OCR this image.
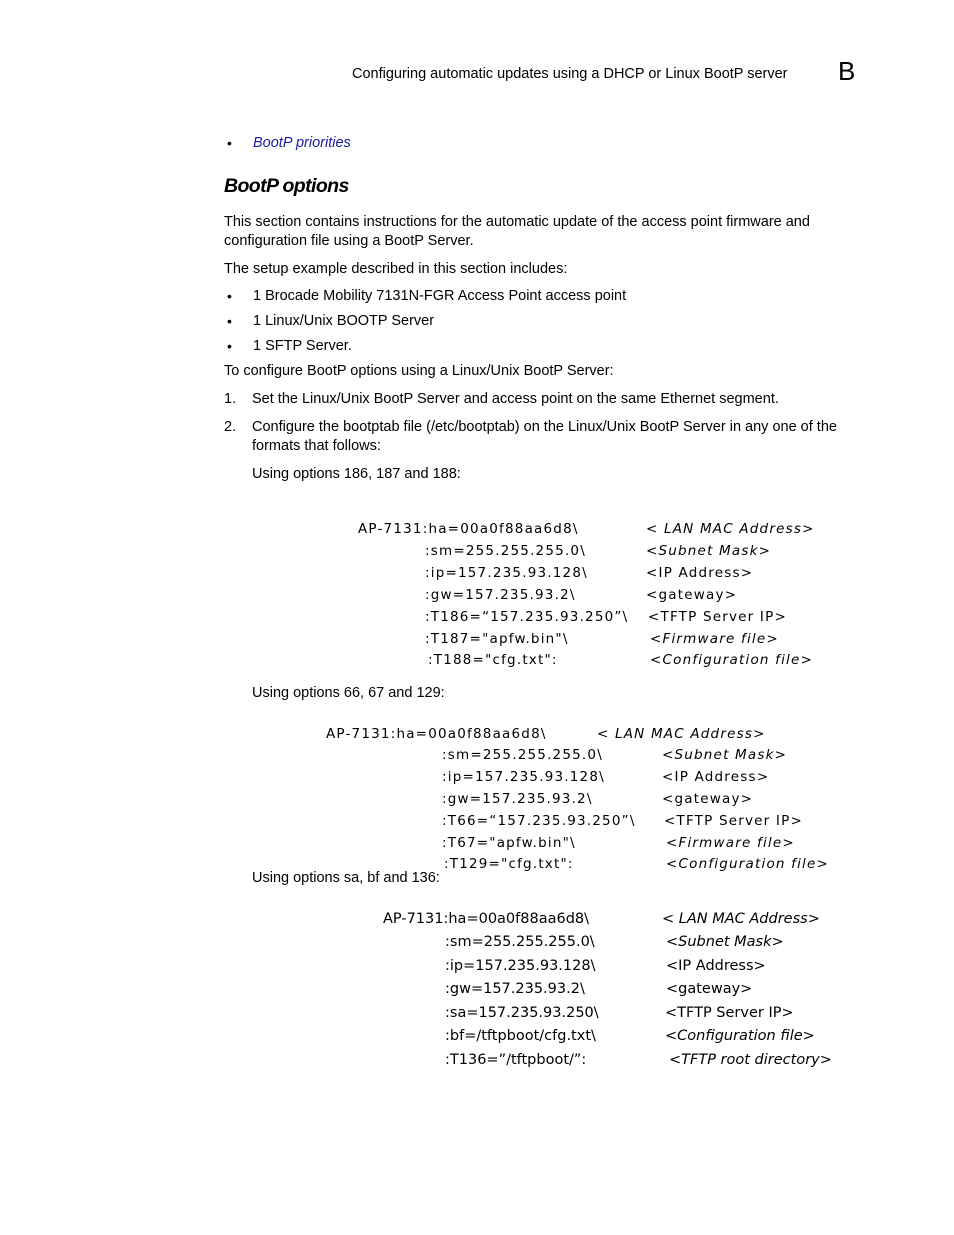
Configuring automatic updates using a DHCP or Linux BootP server B
• BootP priorities
BootP options
This section contains instructions for the automatic update of the access point firmware and configuration file using a BootP Server.
The setup example described in this section includes:
• 1 Brocade Mobility 7131N-FGR Access Point access point
• 1 Linux/Unix BOOTP Server
• 1 SFTP Server.
To configure BootP options using a Linux/Unix BootP Server:
1. Set the Linux/Unix BootP Server and access point on the same Ethernet segment.
2. Configure the bootptab file (/etc/bootptab) on the Linux/Unix BootP Server in any one of the formats that follows:
Using options 186, 187 and 188:
AP-7131:ha=00a0f88aa6d8\	< LAN MAC Address>
:sm=255.255.255.0\	<Subnet Mask>
:ip=157.235.93.128\	<IP Address>
:gw=157.235.93.2\	<gateway>
:T186=“157.235.93.250”\ <TFTP Server IP>
:T187="apfw.bin"\	<Firmware file>
:T188="cfg.txt":	<Configuration file>
Using options 66, 67 and 129:
AP-7131:ha=00a0f88aa6d8\	< LAN MAC Address>
:sm=255.255.255.0\	<Subnet Mask>
:ip=157.235.93.128\	<IP Address>
:gw=157.235.93.2\	<gateway>
:T66=“157.235.93.250”\ <TFTP Server IP>
:T67="apfw.bin"\	<Firmware file>
:T129="cfg.txt":	<Configuration file>
Using options sa, bf and 136:
AP-7131:ha=00a0f88aa6d8\	< LAN MAC Address>
:sm=255.255.255.0\	<Subnet Mask>
:ip=157.235.93.128\	<IP Address>
:gw=157.235.93.2\	<gateway>
:sa=157.235.93.250\	<TFTP Server IP>
:bf=/tftpboot/cfg.txt\	<Configuration file>
:T136=”/tftpboot/”:	<TFTP root directory>
